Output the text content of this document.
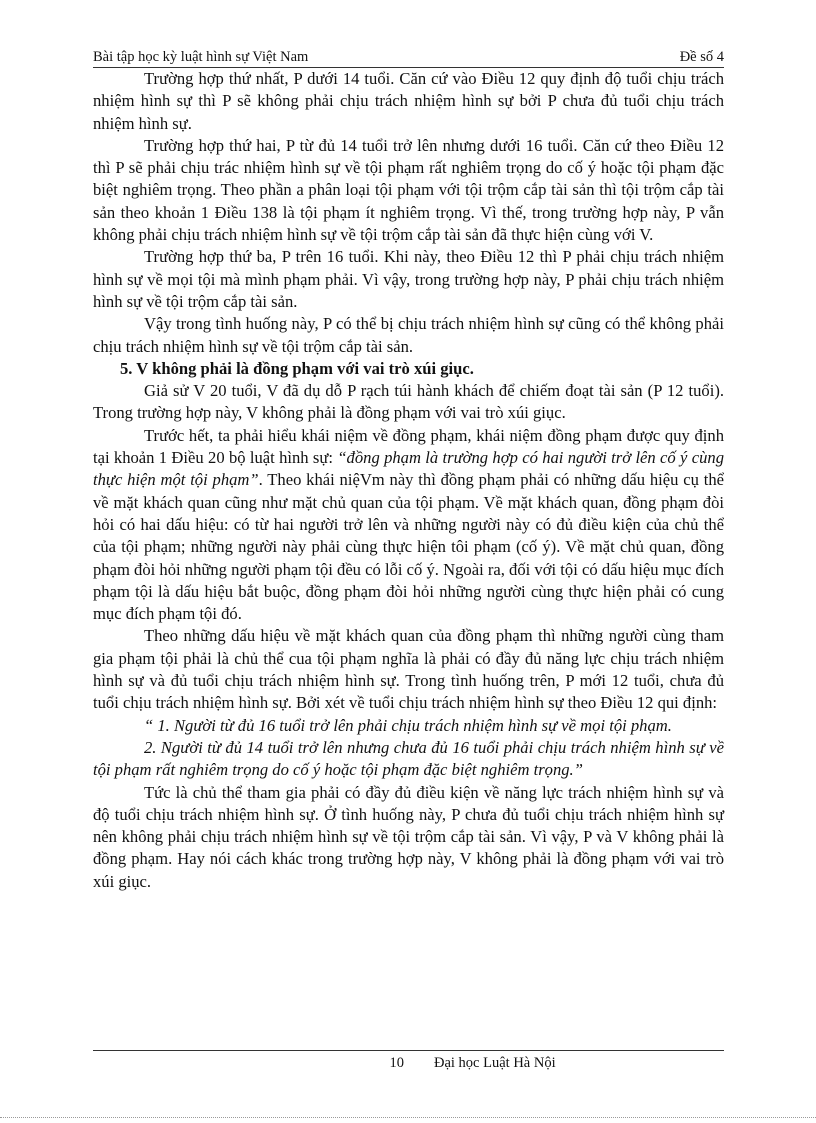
Bài tập học kỳ luật hình sự Việt Nam	Đề số 4

Trường hợp thứ nhất, P dưới 14 tuổi. Căn cứ vào Điều 12 quy định độ tuổi chịu trách nhiệm hình sự thì P sẽ không phải chịu trách nhiệm hình sự bởi P chưa đủ tuổi chịu trách nhiệm hình sự.

Trường hợp thứ hai, P từ đủ 14 tuổi trở lên nhưng dưới 16 tuổi. Căn cứ theo Điều 12 thì P sẽ phải chịu trác nhiệm hình sự về tội phạm rất nghiêm trọng do cố ý hoặc tội phạm đặc biệt nghiêm trọng. Theo phần a phân loại tội phạm với tội trộm cắp tài sản thì tội trộm cắp tài sản theo khoản 1 Điều 138 là tội phạm ít nghiêm trọng. Vì thế, trong trường hợp này, P vẫn không phải chịu trách nhiệm hình sự về tội trộm cắp tài sản đã thực hiện cùng với V.

Trường hợp thứ ba, P trên 16 tuổi. Khi này, theo Điều 12 thì P phải chịu trách nhiệm hình sự về mọi tội mà mình phạm phải. Vì vậy, trong trường hợp này, P phải chịu trách nhiệm hình sự về tội trộm cắp tài sản.

Vậy trong tình huống này, P có thể bị chịu trách nhiệm hình sự cũng có thể không phải chịu trách nhiệm hình sự về tội trộm cắp tài sản.

5. V không phải là đồng phạm với vai trò xúi giục.

Giả sử V 20 tuổi, V đã dụ dỗ P rạch túi hành khách để chiếm đoạt tài sản (P 12 tuổi). Trong trường hợp này, V không phải là đồng phạm với vai trò xúi giục.

Trước hết, ta phải hiểu khái niệm về đồng phạm, khái niệm đồng phạm được quy định tại khoản 1 Điều 20 bộ luật hình sự: “đồng phạm là trường hợp có hai người trở lên cố ý cùng thực hiện một tội phạm”. Theo khái niệVm này thì đồng phạm phải có những dấu hiệu cụ thể về mặt khách quan cũng như mặt chủ quan của tội phạm. Về mặt khách quan, đồng phạm đòi hỏi có hai dấu hiệu: có từ hai người trở lên và những người này có đủ điều kiện của chủ thể của tội phạm; những người này phải cùng thực hiện tôi phạm (cố ý). Về mặt chủ quan, đồng phạm đòi hỏi những người phạm tội đều có lỗi cố ý. Ngoài ra, đối với tội có dấu hiệu mục đích phạm tội là dấu hiệu bắt buộc, đồng phạm đòi hỏi những người cùng thực hiện phải có cung mục đích phạm tội đó.

Theo những dấu hiệu về mặt khách quan của đồng phạm thì những người cùng tham gia phạm tội phải là chủ thể cua tội phạm nghĩa là phải có đầy đủ năng lực chịu trách nhiệm hình sự và đủ tuổi chịu trách nhiệm hình sự. Trong tình huống trên, P mới 12 tuổi, chưa đủ tuổi chịu trách nhiệm hình sự. Bởi xét về tuổi chịu trách nhiệm hình sự theo Điều 12 qui định:

“ 1. Người từ đủ 16 tuổi trở lên phải chịu trách nhiệm hình sự về mọi tội phạm.

2. Người từ đủ 14 tuổi trở lên nhưng chưa đủ 16 tuổi phải chịu trách nhiệm hình sự về tội phạm rất nghiêm trọng do cố ý hoặc tội phạm đặc biệt nghiêm trọng.”

Tức là chủ thể tham gia phải có đầy đủ điều kiện về năng lực trách nhiệm hình sự và độ tuổi chịu trách nhiệm hình sự. Ở tình huống này, P chưa đủ tuổi chịu trách nhiệm hình sự nên không phải chịu trách nhiệm hình sự về tội trộm cắp tài sản. Vì vậy, P và V không phải là đồng phạm. Hay nói cách khác trong trường hợp này, V không phải là đồng phạm với vai trò xúi giục.

10	Đại học Luật Hà Nội
